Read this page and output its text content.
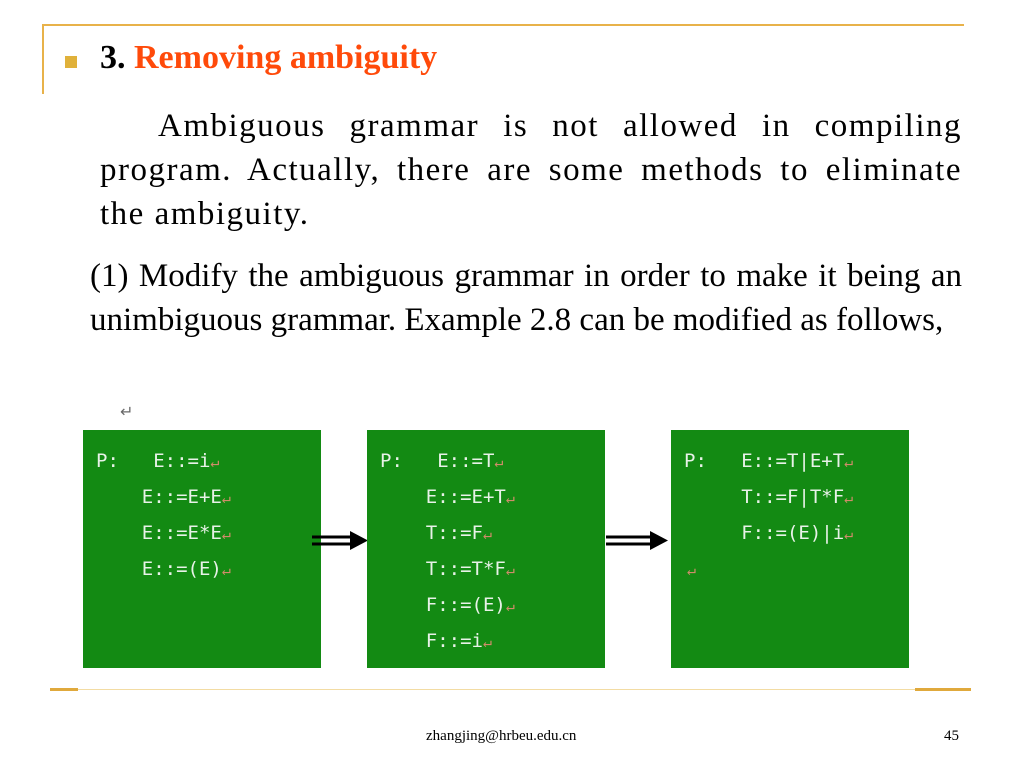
3. Removing ambiguity
Ambiguous grammar is not allowed in compiling program. Actually, there are some methods to eliminate the ambiguity.
(1) Modify the ambiguous grammar in order to make it being an unimbiguous grammar. Example 2.8 can be modified as follows,
↵
P:   E::=i↵
E::=E+E↵
E::=E*E↵
E::=(E)↵
P:   E::=T↵
E::=E+T↵
T::=F↵
T::=T*F↵
F::=(E)↵
F::=i↵
P:   E::=T|E+T↵
T::=F|T*F↵
F::=(E)|i↵
↵
zhangjing@hrbeu.edu.cn	45
